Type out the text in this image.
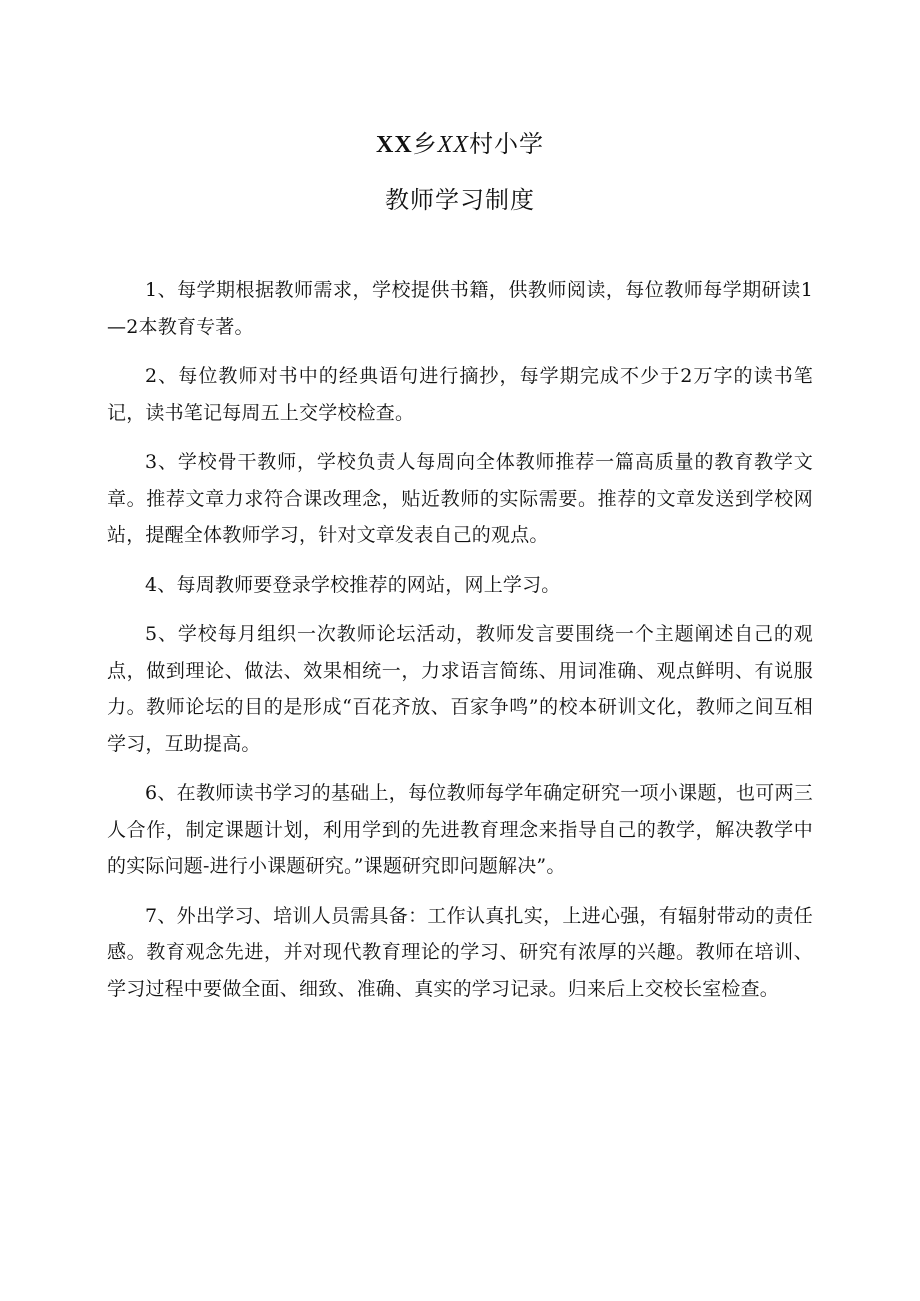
XX乡XX村小学
教师学习制度

1、每学期根据教师需求，学校提供书籍，供教师阅读，每位教师每学期研读1—2本教育专著。

2、每位教师对书中的经典语句进行摘抄，每学期完成不少于2万字的读书笔记，读书笔记每周五上交学校检查。

3、学校骨干教师，学校负责人每周向全体教师推荐一篇高质量的教育教学文章。推荐文章力求符合课改理念，贴近教师的实际需要。推荐的文章发送到学校网站，提醒全体教师学习，针对文章发表自己的观点。

4、每周教师要登录学校推荐的网站，网上学习。

5、学校每月组织一次教师论坛活动，教师发言要围绕一个主题阐述自己的观点，做到理论、做法、效果相统一，力求语言简练、用词准确、观点鲜明、有说服力。教师论坛的目的是形成“百花齐放、百家争鸣”的校本研训文化，教师之间互相学习，互助提高。

6、在教师读书学习的基础上，每位教师每学年确定研究一项小课题，也可两三人合作，制定课题计划，利用学到的先进教育理念来指导自己的教学，解决教学中的实际问题-进行小课题研究。”课题研究即问题解决”。

7、外出学习、培训人员需具备：工作认真扎实，上进心强，有辐射带动的责任感。教育观念先进，并对现代教育理论的学习、研究有浓厚的兴趣。教师在培训、学习过程中要做全面、细致、准确、真实的学习记录。归来后上交校长室检查。
